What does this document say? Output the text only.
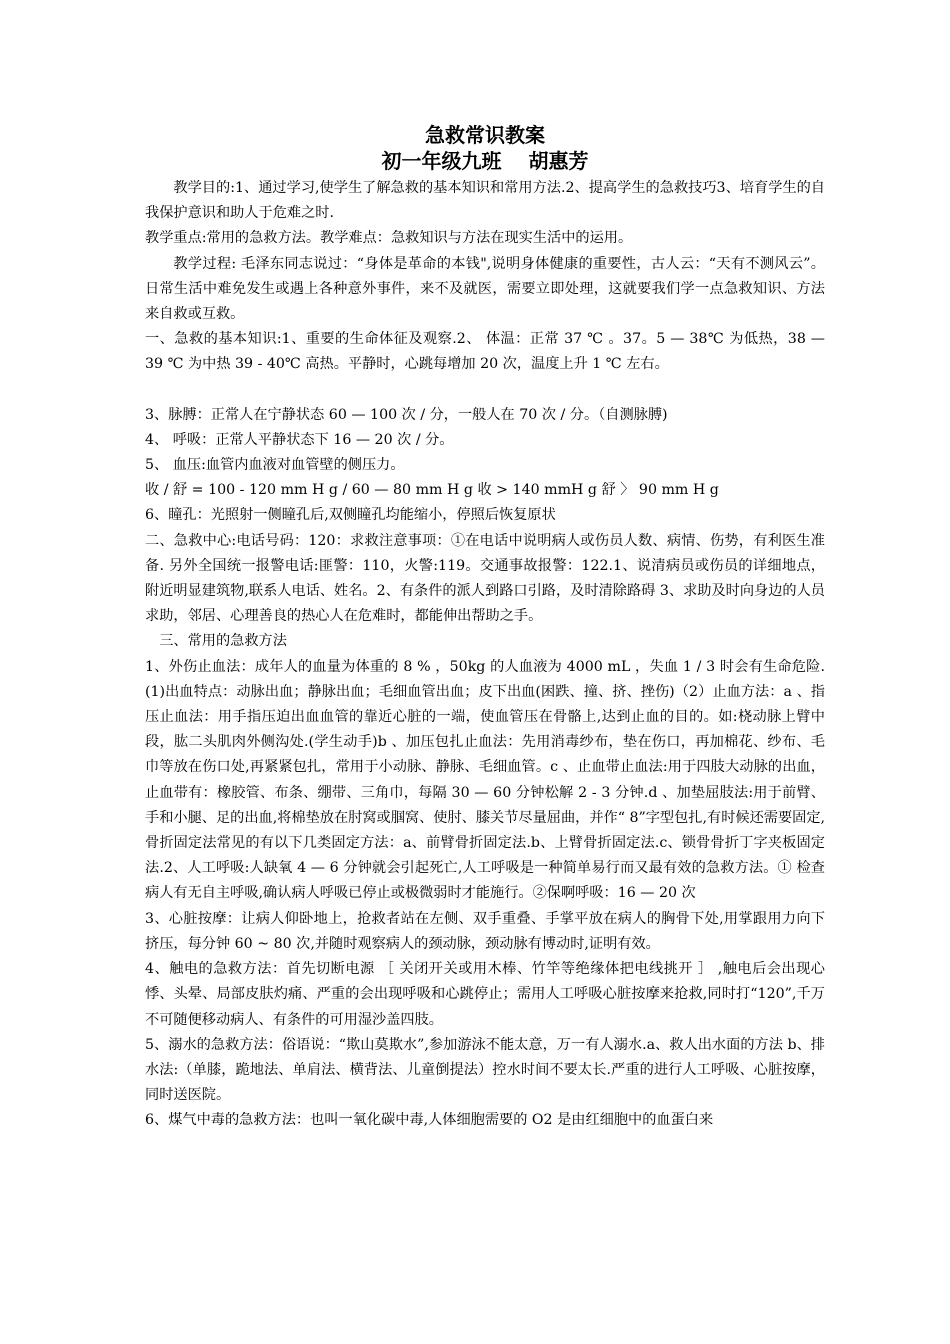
急救常识教案
初一年级九班　 胡惠芳

教学目的:1、通过学习,使学生了解急救的基本知识和常用方法.2、提高学生的急救技巧3、培育学生的自我保护意识和助人于危难之时.

教学重点:常用的急救方法。教学难点：急救知识与方法在现实生活中的运用。

教学过程: 毛泽东同志说过：“身体是革命的本钱",说明身体健康的重要性，古人云：“天有不测风云”。日常生活中难免发生或遇上各种意外事件，来不及就医，需要立即处理，这就要我们学一点急救知识、方法来自救或互救。

一、急救的基本知识:1、重要的生命体征及观察.2、 体温：正常 37 ℃ 。37。5 — 38℃ 为低热，38 — 39 ℃ 为中热 39 - 40℃ 高热。平静时，心跳每增加 20 次，温度上升 1 ℃ 左右。

3、脉膊：正常人在宁静状态 60 — 100 次 / 分，一般人在 70 次 / 分。（自测脉膊)

4、 呼吸：正常人平静状态下 16 — 20 次 / 分。

5、 血压:血管内血液对血管壁的侧压力。

收 / 舒 = 100 - 120 mm H g / 60 — 80 mm H g 收 > 140 mmH g 舒 〉 90 mm H g

6、瞳孔：光照射一侧瞳孔后,双侧瞳孔均能缩小，停照后恢复原状

二、急救中心:电话号码：120：求救注意事项：①在电话中说明病人或伤员人数、病情、伤势，有利医生准备. 另外全国统一报警电话:匪警：110，火警:119。交通事故报警：122.1、说清病员或伤员的详细地点，附近明显建筑物,联系人电话、姓名。2、有条件的派人到路口引路，及时清除路碍 3、求助及时向身边的人员求助，邻居、心理善良的热心人在危难时，都能伸出帮助之手。

三、常用的急救方法

1、外伤止血法：成年人的血量为体重的 8 % ，50kg 的人血液为 4000 mL ，失血 1 / 3 时会有生命危险.(1)出血特点：动脉出血；静脉出血；毛细血管出血；皮下出血(困跌、撞、挤、挫伤)（2）止血方法：a 、指压止血法：用手指压迫出血血管的靠近心脏的一端，使血管压在骨骼上,达到止血的目的。如:桡动脉上臂中段，肱二头肌肉外侧沟处.(学生动手)b 、加压包扎止血法：先用消毒纱布，垫在伤口，再加棉花、纱布、毛巾等放在伤口处,再紧紧包扎，常用于小动脉、静脉、毛细血管。c 、止血带止血法:用于四肢大动脉的出血，止血带有：橡胶管、布条、绷带、三角巾，每隔 30 — 60 分钟松解 2 - 3 分钟.d 、加垫屈肢法:用于前臂、手和小腿、足的出血,将棉垫放在肘窝或腘窝、使肘、膝关节尽量屈曲，并作“ 8”字型包扎,有时候还需要固定,骨折固定法常见的有以下几类固定方法：a、前臂骨折固定法.b、上臂骨折固定法.c、锁骨骨折丁字夹板固定法.2、人工呼吸:人缺氧 4 — 6 分钟就会引起死亡,人工呼吸是一种简单易行而又最有效的急救方法。① 检查病人有无自主呼吸,确认病人呼吸已停止或极微弱时才能施行。②保啊呼吸：16 — 20 次

3、心脏按摩：让病人仰卧地上，抢救者站在左侧、双手重叠、手掌平放在病人的胸骨下处,用掌跟用力向下挤压，每分钟 60 ~ 80 次,并随时观察病人的颈动脉，颈动脉有博动时,证明有效。

4、触电的急救方法：首先切断电源 ［ 关闭开关或用木棒、竹竿等绝缘体把电线挑开 ］ ,触电后会出现心悸、头晕、局部皮肤灼痛、严重的会出现呼吸和心跳停止；需用人工呼吸心脏按摩来抢救,同时打“120”,千万不可随便移动病人、有条件的可用湿沙盖四肢。

5、溺水的急救方法：俗语说：“欺山莫欺水”,参加游泳不能太意，万一有人溺水.a、救人出水面的方法 b、排水法:（单膝，跪地法、单肩法、横背法、儿童倒提法）控水时间不要太长.严重的进行人工呼吸、心脏按摩，同时送医院。

6、煤气中毒的急救方法：也叫一氧化碳中毒,人体细胞需要的 O2 是由红细胞中的血蛋白来
